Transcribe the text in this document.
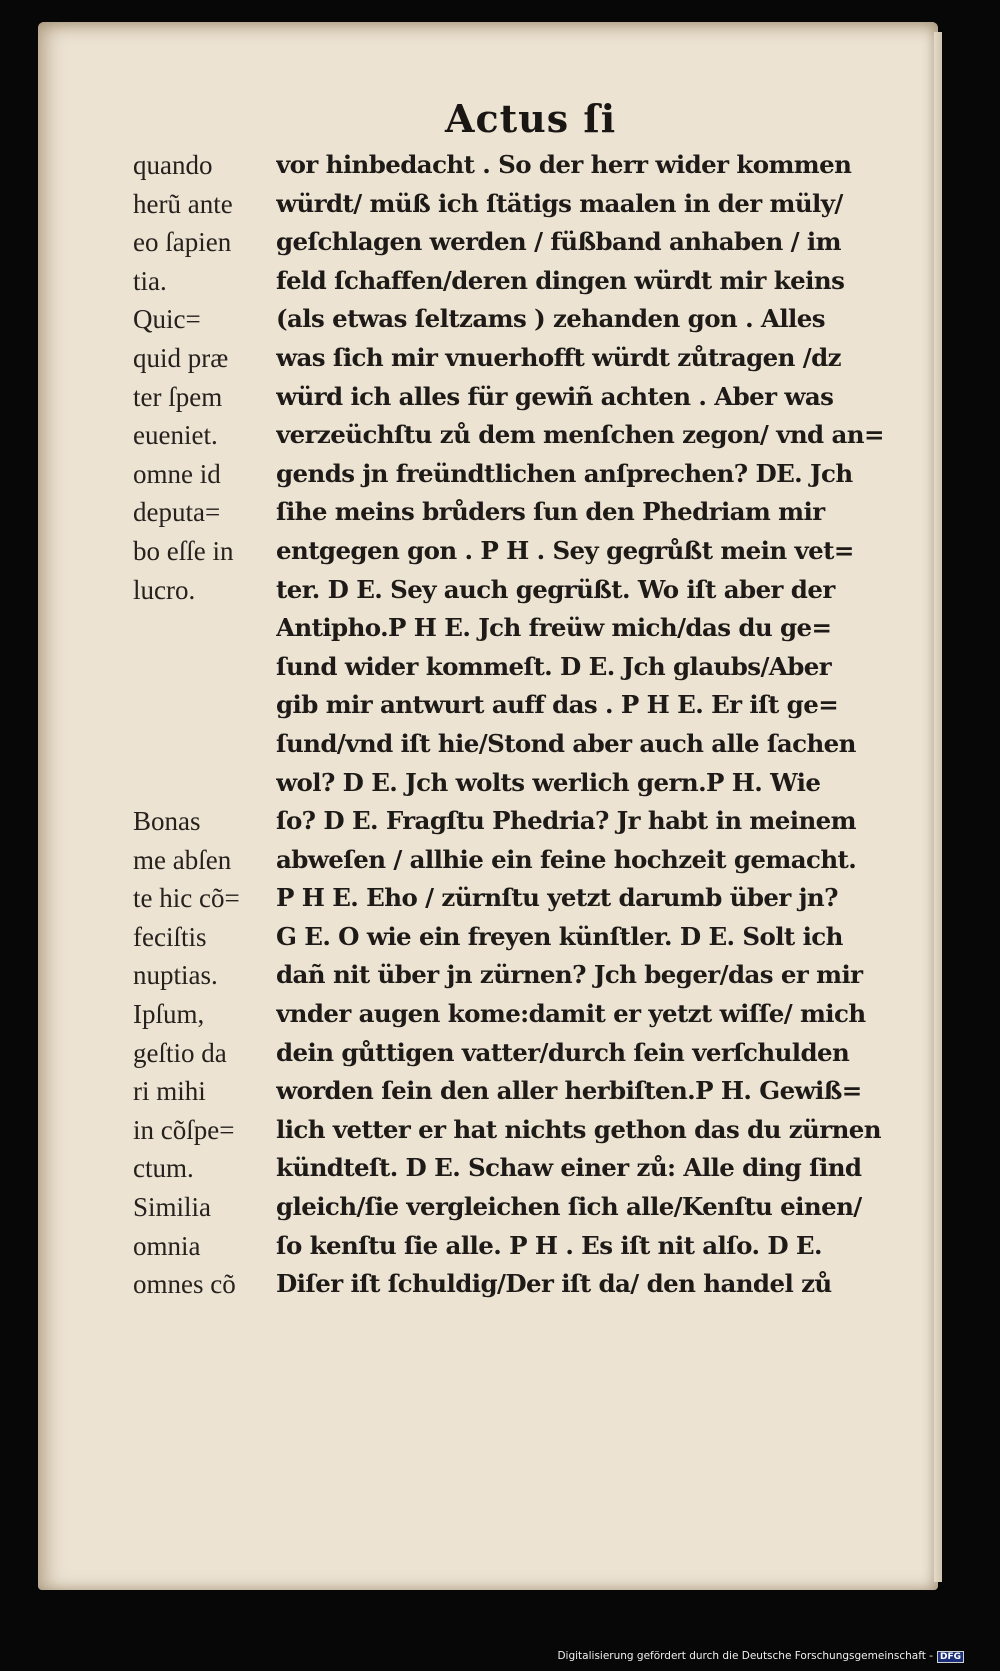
Actus ſi
quando
herũ ante
eo ſapien
tia.
Quic=
quid præ
ter ſpem
eueniet.
omne id
deputa=
bo eſſe in
lucro.
Bonas
me abſen
te hic cõ=
feciſtis
nuptias.
Ipſum,
geſtio da
ri mihi
in cõſpe=
ctum.
Similia
omnia
omnes cõ
vor hinbedacht . So der herr wider kommen
würdt/ müß ich ſtätigs maalen in der müly/
geſchlagen werden / füßband anhaben / im
feld ſchaffen/deren dingen würdt mir keins
(als etwas ſeltzams ) zehanden gon . Alles
was ſich mir vnuerhofft würdt zůtragen /dz
würd ich alles für gewiñ achten . Aber was
verzeüchſtu zů dem menſchen zegon/ vnd an=
gends jn freündtlichen anſprechen? DE. Jch
ſihe meins brůders ſun den Phedriam mir
entgegen gon . P H . Sey gegrůßt mein vet=
ter. D E. Sey auch gegrüßt. Wo iſt aber der
Antipho.P H E. Jch freüw mich/das du ge=
ſund wider kommeſt. D E. Jch glaubs/Aber
gib mir antwurt auff das . P H E. Er iſt ge=
ſund/vnd iſt hie/Stond aber auch alle ſachen
wol? D E. Jch wolts werlich gern.P H. Wie
ſo? D E. Fragſtu Phedria? Jr habt in meinem
abweſen / allhie ein feine hochzeit gemacht.
P H E. Eho / zürnſtu yetzt darumb über jn?
G E. O wie ein freyen künſtler. D E. Solt ich
dañ nit über jn zürnen? Jch beger/das er mir
vnder augen kome:damit er yetzt wiſſe/ mich
dein gůttigen vatter/durch ſein verſchulden
worden ſein den aller herbiſten.P H. Gewiß=
lich vetter er hat nichts gethon das du zürnen
kündteſt. D E. Schaw einer zů: Alle ding ſind
gleich/ſie vergleichen ſich alle/Kenſtu einen/
ſo kenſtu ſie alle. P H . Es iſt nit alſo. D E.
Diſer iſt ſchuldig/Der iſt da/ den handel zů
Digitalisierung gefördert durch die Deutsche Forschungsgemeinschaft - DFG
